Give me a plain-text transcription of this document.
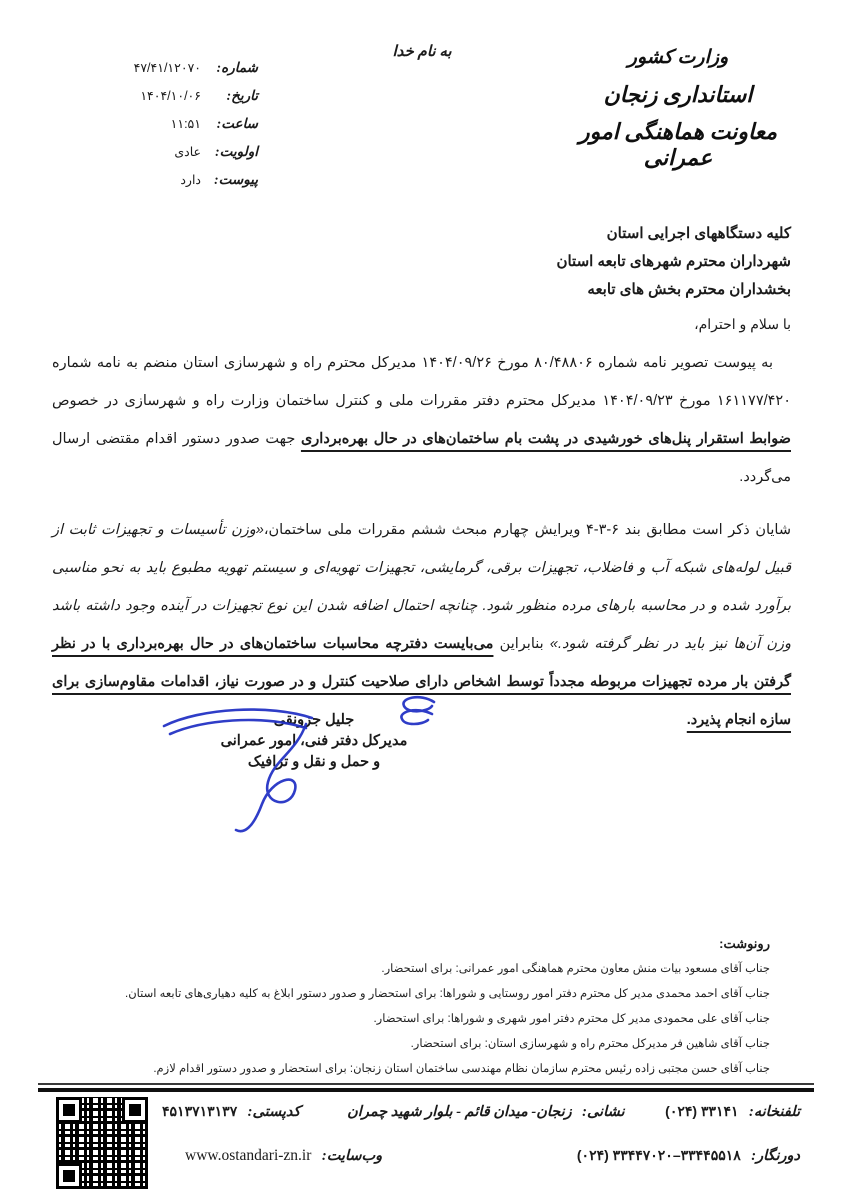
به نام خدا	وزارت کشور
استانداری زنجان
معاونت هماهنگی امور عمرانی
شماره:
۴۷/۴۱/۱۲۰۷۰
تاریخ:
۱۴۰۴/۱۰/۰۶
ساعت:
۱۱:۵۱
اولویت:
عادی
پیوست:
دارد
کلیه دستگاههای اجرایی استان
شهرداران محترم شهرهای تابعه استان
بخشداران محترم بخش های تابعه
با سلام و احترام،

به پیوست تصویر نامه شماره ۸۰/۴۸۸۰۶ مورخ ۱۴۰۴/۰۹/۲۶ مدیرکل محترم راه و شهرسازی استان منضم به نامه شماره ۱۶۱۱۷۷/۴۲۰ مورخ ۱۴۰۴/۰۹/۲۳ مدیرکل محترم دفتر مقررات ملی و کنترل ساختمان وزارت راه و شهرسازی در خصوص ضوابط استقرار پنل‌های خورشیدی در پشت بام ساختمان‌های در حال بهره‌برداری جهت صدور دستور اقدام مقتضی ارسال می‌گردد.

شایان ذکر است مطابق بند ۶-۳-۴ ویرایش چهارم مبحث ششم مقررات ملی ساختمان،«وزن تأسیسات و تجهیزات ثابت از قبیل لوله‌های شبکه آب و فاضلاب، تجهیزات برقی، گرمایشی، تجهیزات تهویه‌ای و سیستم تهویه مطبوع باید به نحو مناسبی برآورد شده و در محاسبه بارهای مرده منظور شود. چنانچه احتمال اضافه شدن این نوع تجهیزات در آینده وجود داشته باشد وزن آن‌ها نیز باید در نظر گرفته شود.» بنابراین می‌بایست دفترچه محاسبات ساختمان‌های در حال بهره‌برداری با در نظر گرفتن بار مرده تجهیزات مربوطه مجدداً توسط اشخاص دارای صلاحیت کنترل و در صورت نیاز، اقدامات مقاوم‌سازی برای سازه انجام پذیرد.

جلیل جزونقی
مدیرکل دفتر فنی، امور عمرانی
و حمل و نقل و ترافیک
رونوشت:
جناب آقای مسعود بیات منش معاون محترم هماهنگی امور عمرانی: برای استحضار.
جناب آقای احمد محمدی مدیر کل محترم دفتر امور روستایی و شوراها: برای استحضار و صدور دستور ابلاغ به کلیه دهیاری‌های تابعه استان.
جناب آقای علی محمودی مدیر کل محترم دفتر امور شهری و شوراها: برای استحضار.
جناب آقای شاهین فر مدیرکل محترم راه و شهرسازی استان: برای استحضار.
جناب آقای حسن مجتبی زاده رئیس محترم سازمان نظام مهندسی ساختمان استان زنجان: برای استحضار و صدور دستور اقدام لازم.
تلفنخانه: ۳۳۱۴۱ (۰۲۴)
نشانی: زنجان- میدان قائم - بلوار شهید چمران
کدپستی: ۴۵۱۳۷۱۳۱۳۷
دورنگار: ۳۳۴۴۵۵۱۸–۳۳۴۴۷۰۲۰ (۰۲۴)
وب‌سایت: www.ostandari-zn.ir
